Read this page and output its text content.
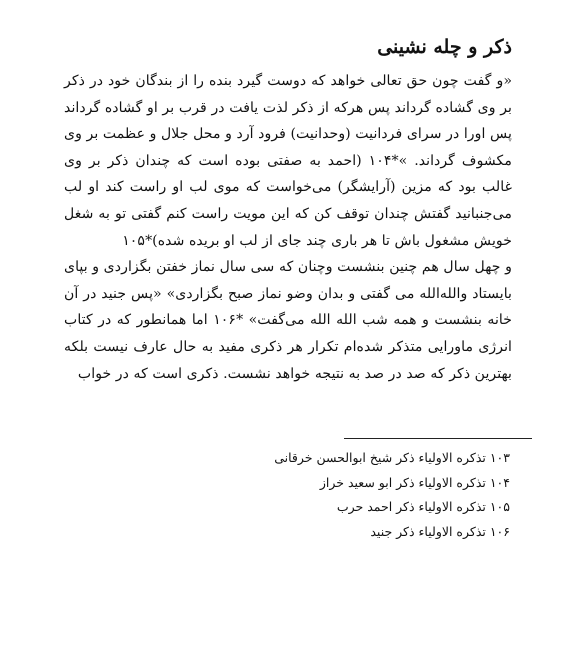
ذکر و چله نشینی

«و گفت چون حق تعالی خواهد که دوست گیرد بنده را از بندگان خود در ذکر بر وی گشاده گرداند پس هرکه از ذکر لذت یافت در قرب بر او گشاده گرداند پس اورا در سرای فردانیت (وحدانیت) فرود آرد و محل جلال و عظمت بر وی مکشوف گرداند. »*۱۰۴ (احمد به صفتی بوده است که چندان ذکر بر وی غالب بود که مزین (آرایشگر) می‌خواست که موی لب او راست کند او لب می‌جنبانید گفتش چندان توقف کن که این مویت راست کنم گفتی تو به شغل خویش مشغول باش تا هر باری چند جای از لب او بریده شده)*۱۰۵

و چهل سال هم چنین بنشست وچنان که سی سال نماز خفتن بگزاردی و بپای بایستاد والله‌الله می گفتی و بدان وضو نماز صبح بگزاردی» «پس جنید در آن خانه بنشست و همه شب الله الله می‌گفت» *۱۰۶ اما همانطور که در کتاب انرژی ماورایی متذکر شده‌ام تکرار هر ذکری مفید به حال عارف نیست بلکه بهترین ذکر که صد در صد به نتیجه خواهد نشست. ذکری است که در خواب

۱۰۳ تذکره الاولیاء ذکر شیخ ابوالحسن خرقانی
۱۰۴ تذکره الاولیاء ذکر ابو سعید خراز
۱۰۵ تذکره الاولیاء ذکر احمد حرب
۱۰۶ تذکره الاولیاء ذکر جنید
